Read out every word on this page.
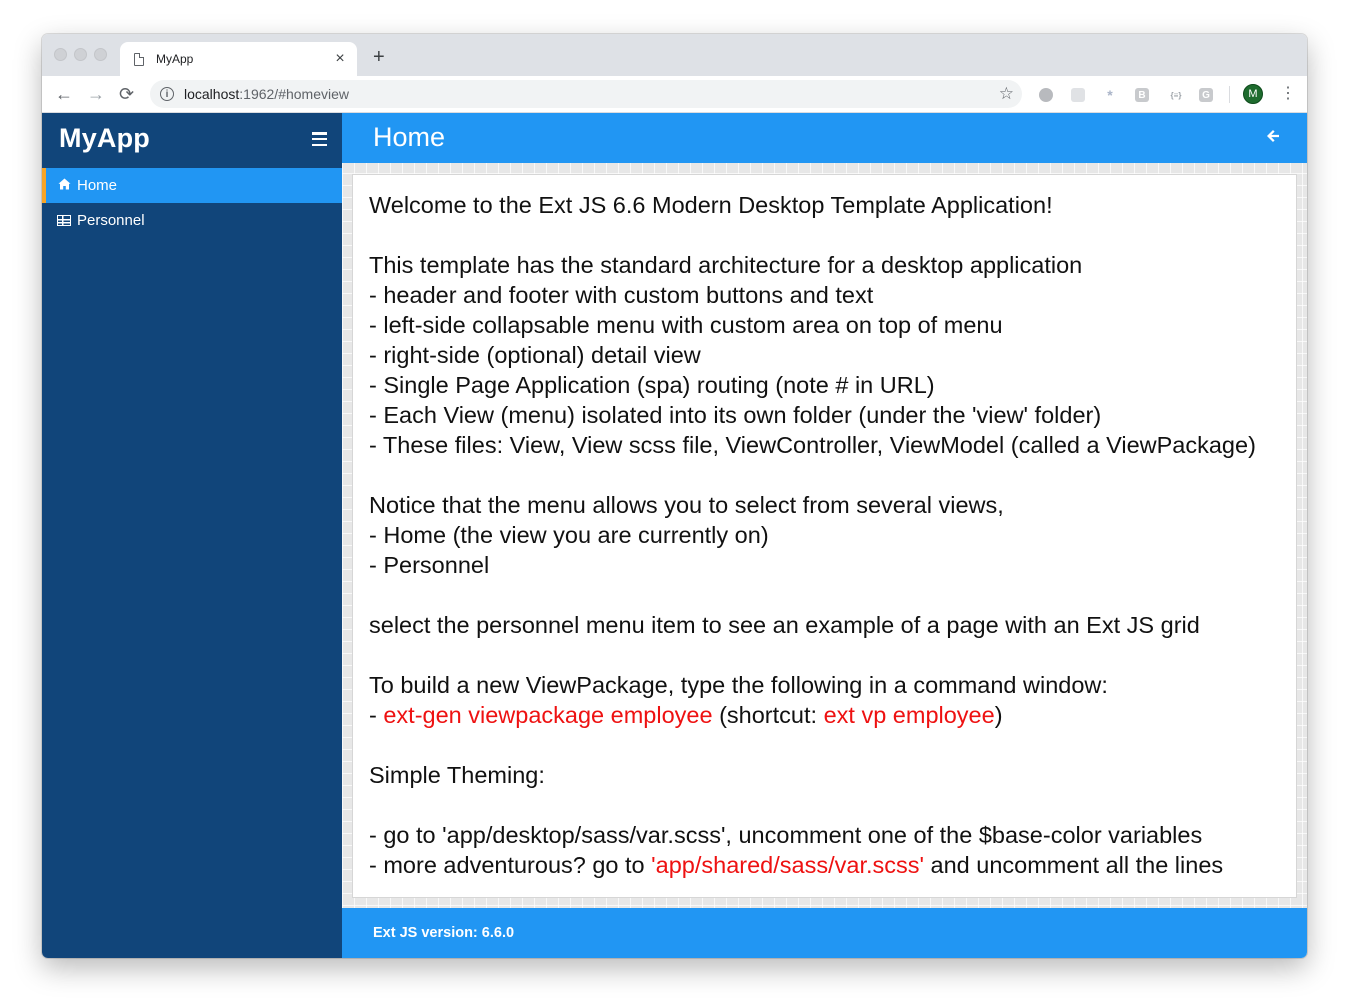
MyApp	× +
← → ⟳	i	localhost :1962/#homeview	☆	*	B	{≡}	G	M	⋮
MyApp
Home
Personnel
Home
Welcome to the Ext JS 6.6 Modern Desktop Template Application!
This template has the standard architecture for a desktop application
- header and footer with custom buttons and text
- left-side collapsable menu with custom area on top of menu
- right-side (optional) detail view
- Single Page Application (spa) routing (note # in URL)
- Each View (menu) isolated into its own folder (under the 'view' folder)
- These files: View, View scss file, ViewController, ViewModel (called a ViewPackage)
Notice that the menu allows you to select from several views,
- Home (the view you are currently on)
- Personnel
select the personnel menu item to see an example of a page with an Ext JS grid
To build a new ViewPackage, type the following in a command window:
- ext-gen viewpackage employee (shortcut: ext vp employee)
Simple Theming:
- go to 'app/desktop/sass/var.scss', uncomment one of the $base-color variables
- more adventurous? go to 'app/shared/sass/var.scss' and uncomment all the lines
Ext JS version: 6.6.0
